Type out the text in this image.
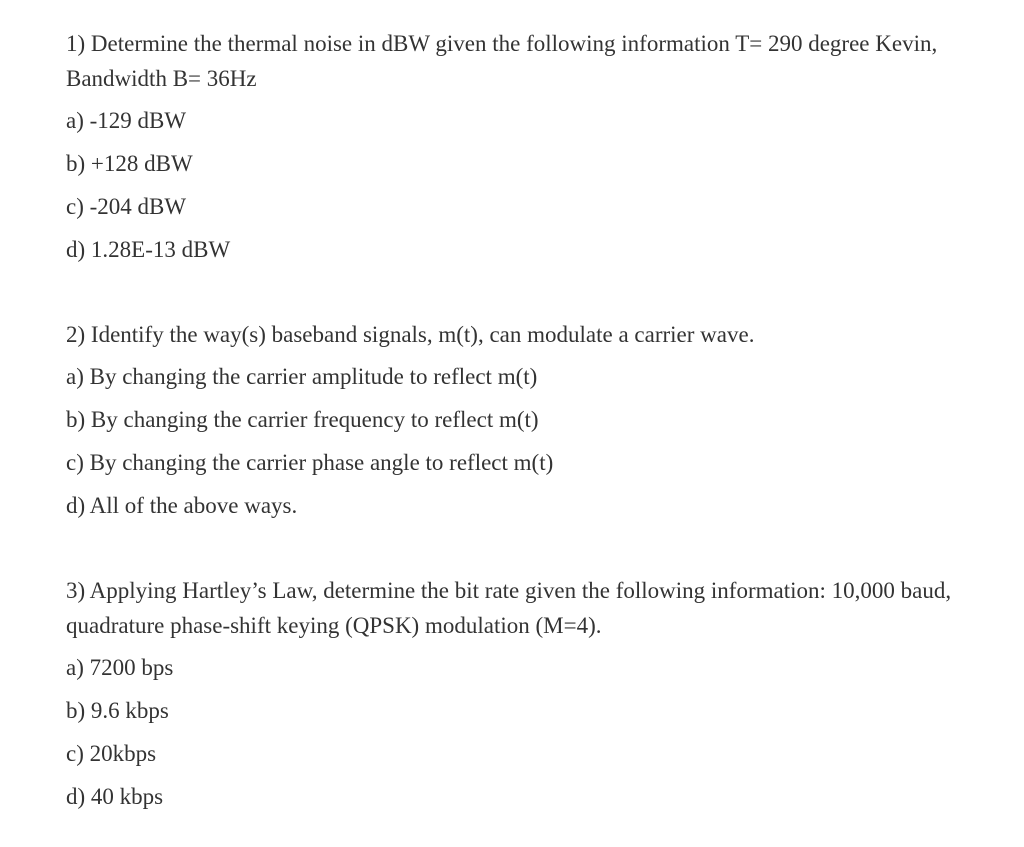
1) Determine the thermal noise in dBW given the following information T= 290 degree Kevin, Bandwidth B= 36Hz

a) -129 dBW
b) +128 dBW
c) -204 dBW
d) 1.28E-13 dBW

2) Identify the way(s) baseband signals, m(t), can modulate a carrier wave.

a) By changing the carrier amplitude to reflect m(t)
b) By changing the carrier frequency to reflect m(t)
c) By changing the carrier phase angle to reflect m(t)
d) All of the above ways.

3) Applying Hartley’s Law, determine the bit rate given the following information: 10,000 baud, quadrature phase-shift keying (QPSK) modulation (M=4).

a) 7200 bps
b) 9.6 kbps
c) 20kbps
d) 40 kbps
